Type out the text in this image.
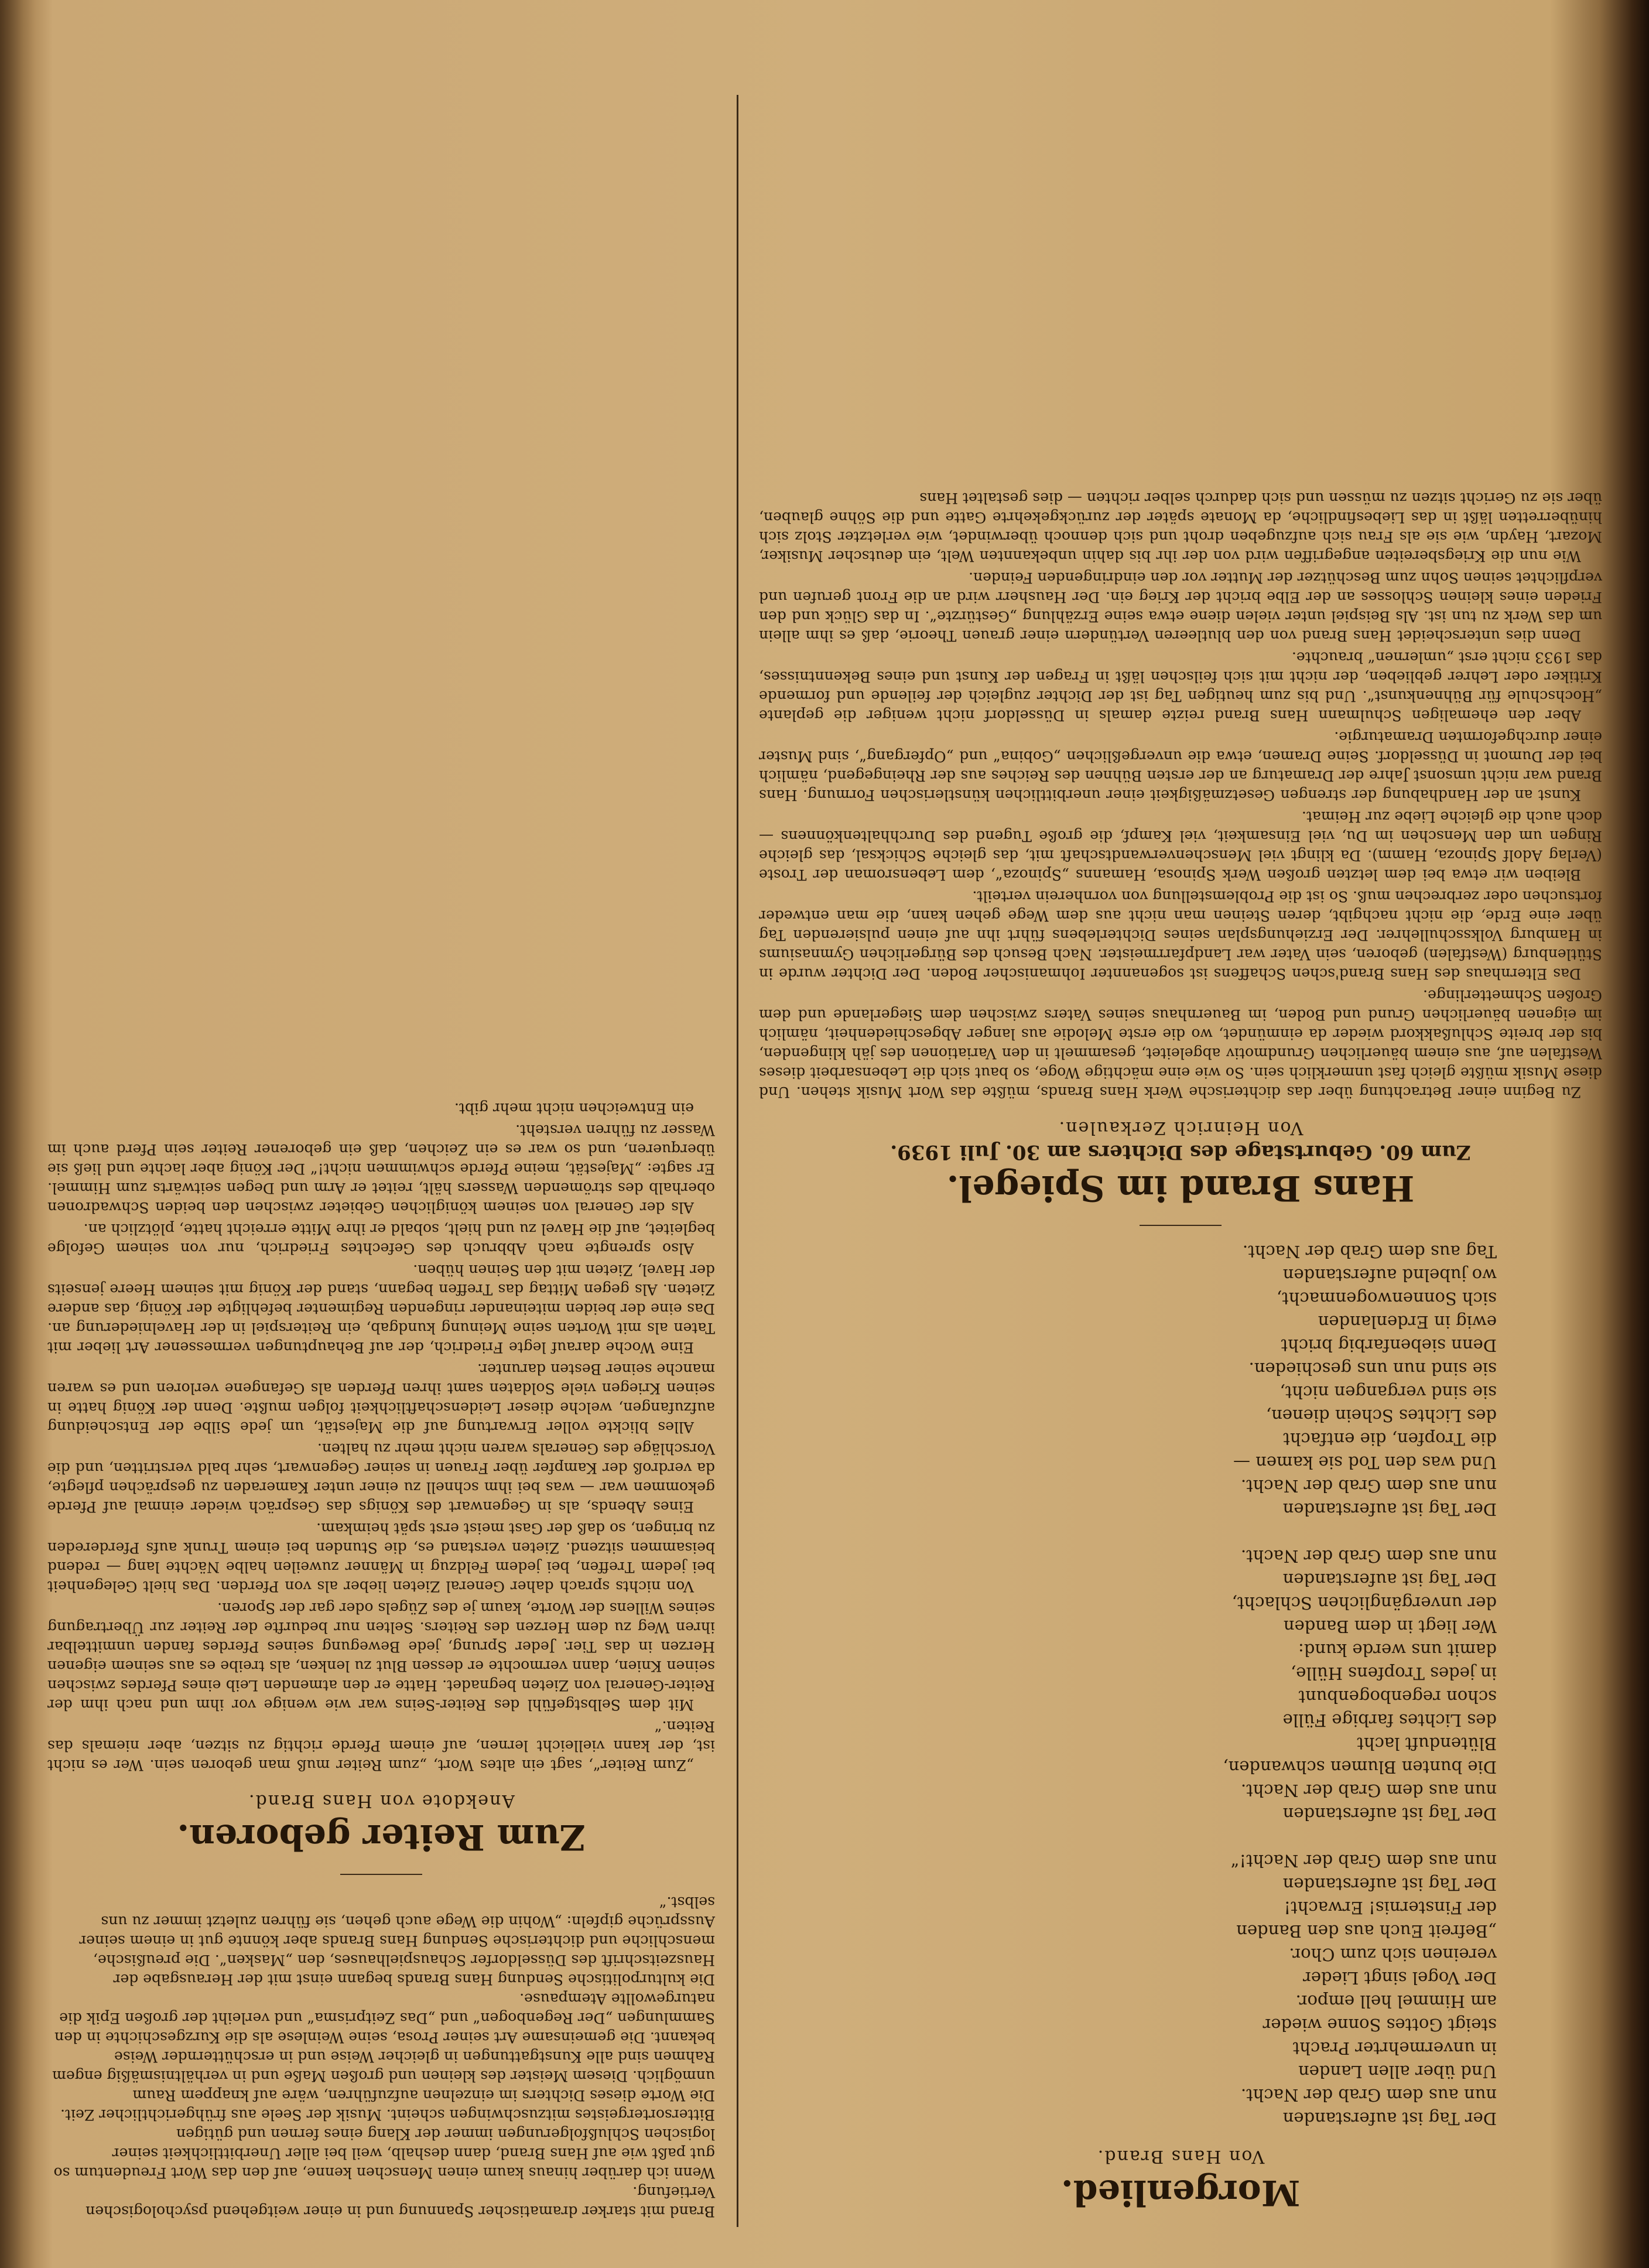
Morgenlied.
Von Hans Brand.
Der Tag ist auferstanden
nun aus dem Grab der Nacht.
Und über allen Landen
in unvermehrter Pracht
steigt Gottes Sonne wieder
am Himmel hell empor.
Der Vogel singt Lieder
vereinen sich zum Chor.
„Befreit Euch aus den Banden
der Finsternis! Erwacht!
Der Tag ist auferstanden
nun aus dem Grab der Nacht!“
Der Tag ist auferstanden
nun aus dem Grab der Nacht.
Die bunten Blumen schwanden,
Blütenduft lacht
des Lichtes farbige Fülle
schon regenbogenbunt
in jedes Tropfens Hülle,
damit uns werde kund:
Wer liegt in dem Banden
der unvergänglichen Schlacht,
Der Tag ist auferstanden
nun aus dem Grab der Nacht.
Der Tag ist auferstanden
nun aus dem Grab der Nacht.
Und was den Tod sie kamen —
die Tropfen, die entfacht
des Lichtes Schein dienen,
sie sind vergangen nicht,
sie sind nun uns geschieden.
Denn siebenfarbig bricht
ewig in Erdenlanden
sich Sonnenwogenmacht,
wo jubelnd auferstanden
Tag aus dem Grab der Nacht.
Hans Brand im Spiegel.
Zum 60. Geburtstage des Dichters am 30. Juli 1939.
Von Heinrich Zerkaulen.

Zu Beginn einer Betrachtung über das dichterische Werk Hans Brands, müßte das Wort Musik stehen. Und diese Musik müßte gleich fast unmerklich sein. So wie eine mächtige Woge, so baut sich die Lebensarbeit dieses Westfalen auf, aus einem bäuerlichen Grundmotiv abgeleitet, gesammelt in den Variationen des jäh klingenden, bis der breite Schlußakkord wieder da einmündet, wo die erste Melodie aus langer Abgeschiedenheit, nämlich im eigenen bäuerlichen Grund und Boden, im Bauernhaus seines Vaters zwischen dem Siegerlande und dem Großen Schmetterlinge.

Das Elternhaus des Hans Brand'schen Schaffens ist sogenannter Iohmanischer Boden. Der Dichter wurde in Stütlenburg (Westfalen) geboren, sein Vater war Landpfarrmeister. Nach Besuch des Bürgerlichen Gymnasiums in Hamburg Volksschullehrer. Der Erziehungsplan seines Dichterlebens führt ihn auf einen pulsierenden Tag über eine Erde, die nicht nachgibt, deren Steinen man nicht aus dem Wege gehen kann, die man entweder fortsuchen oder zerbrechen muß. So ist die Problemstellung von vornherein verteilt.

Bleiben wir etwa bei dem letzten großen Werk Spinosa, Hamanns „Spinoza“, dem Lebensroman der Troste (Verlag Adolf Spinoza, Hamm). Da klingt viel Menschenverwandtschaft mit, das gleiche Schicksal, das gleiche Ringen um den Menschen im Du, viel Einsamkeit, viel Kampf, die große Tugend des Durchhaltenkönnens — doch auch die gleiche Liebe zur Heimat.

Kunst an der Handhabung der strengen Gesetzmäßigkeit einer unerbittlichen künstlerischen Formung. Hans Brand war nicht umsonst Jahre der Dramaturg an der ersten Bühnen des Reiches aus der Rheingegend, nämlich bei der Dumont in Düsseldorf. Seine Dramen, etwa die unvergeßlichen „Gobina“ und „Opfergang“, sind Muster einer durchgeformten Dramaturgie.

Aber den ehemaligen Schulmann Hans Brand reizte damals in Düsseldorf nicht weniger die geplante „Hochschule für Bühnenkunst“. Und bis zum heutigen Tag ist der Dichter zugleich der feilende und formende Kritiker oder Lehrer geblieben, der nicht mit sich feilschen läßt in Fragen der Kunst und eines Bekenntnisses, das 1933 nicht erst „umlernen“ brauchte.

Denn dies unterscheidet Hans Brand von den blutleeren Vertündern einer grauen Theorie, daß es ihm allein um das Werk zu tun ist. Als Beispiel unter vielen diene etwa seine Erzählung „Gestürzte“. In das Glück und den Frieden eines kleinen Schlosses an der Elbe bricht der Krieg ein. Der Hausherr wird an die Front gerufen und verpflichtet seinen Sohn zum Beschützer der Mutter vor den eindringenden Feinden.

Wie nun die Kriegsbereiten angegriffen wird von der ihr bis dahin unbekannten Welt, ein deutscher Musiker, Mozart, Haydn, wie sie als Frau sich aufzugeben droht und sich dennoch überwindet, wie verletzter Stolz sich hinüberretten läßt in das Liebesfindliche, da Monate später der zurückgekehrte Gatte und die Söhne glauben, über sie zu Gericht sitzen zu müssen und sich dadurch selber richten — dies gestaltet Hans

Brand mit starker dramatischer Spannung und in einer weitgehend psychologischen Vertiefung.
Wenn ich darüber hinaus kaum einen Menschen kenne, auf den das Wort Freudentum so gut paßt wie auf Hans Brand, dann deshalb, weil bei aller Unerbittlichkeit seiner logischen Schlußfolgerungen immer der Klang eines fernen und gütigen Bittersortergeistes mitzuschwingen scheint. Musik der Seele aus frühgerichtlicher Zeit.
Die Worte dieses Dichters im einzelnen aufzuführen, wäre auf knappem Raum unmöglich. Diesem Meister des kleinen und großen Maße und in verhältnismäßig engem Rahmen sind alle Kunstgattungen in gleicher Weise und in erschütternder Weise bekannt. Die gemeinsame Art seiner Prosa, seine Weinlese als die Kurzgeschichte in den Sammlungen „Der Regenbogen“ und „Das Zeitprisma“ und verleiht der großen Epik die naturgewollte Atempause.
Die kulturpolitische Sendung Hans Brands begann einst mit der Herausgabe der Hauszeitschrift des Düsseldorfer Schauspielhauses, den „Masken“. Die preußische, menschliche und dichterische Sendung Hans Brands aber könnte gut in einem seiner Aussprüche gipfeln: „Wohin die Wege auch gehen, sie führen zuletzt immer zu uns selbst.“
Zum Reiter geboren.
Anekdote von Hans Brand.

„Zum Reiter“, sagt ein altes Wort, „zum Reiter muß man geboren sein. Wer es nicht ist, der kann vielleicht lernen, auf einem Pferde richtig zu sitzen, aber niemals das Reiten.“

Mit dem Selbstgefühl des Reiter-Seins war wie wenige vor ihm und nach ihm der Reiter-General von Zieten begnadet. Hatte er den atmenden Leib eines Pferdes zwischen seinen Knien, dann vermochte er dessen Blut zu lenken, als treibe es aus seinem eigenen Herzen in das Tier. Jeder Sprung, jede Bewegung seines Pferdes fanden unmittelbar ihren Weg zu dem Herzen des Reiters. Selten nur bedurfte der Reiter zur Übertragung seines Willens der Worte, kaum je des Zügels oder gar der Sporen.

Von nichts sprach daher General Zieten lieber als von Pferden. Das hielt Gelegenheit bei jedem Treffen, bei jedem Feldzug in Männer zuweilen halbe Nächte lang — redend beisammen sitzend. Zieten verstand es, die Stunden bei einem Trunk aufs Pferdereden zu bringen, so daß der Gast meist erst spät heimkam.

Eines Abends, als in Gegenwart des Königs das Gespräch wieder einmal auf Pferde gekommen war — was bei ihm schnell zu einer unter Kameraden zu gesprächen pflegte, da verdroß der Kampfer über Frauen in seiner Gegenwart, sehr bald verstritten, und die Vorschläge des Generals waren nicht mehr zu halten.

Alles blickte voller Erwartung auf die Majestät, um jede Silbe der Entscheidung aufzufangen, welche dieser Leidenschaftlichkeit folgen mußte. Denn der König hatte in seinen Kriegen viele Soldaten samt ihren Pferden als Gefangene verloren und es waren manche seiner Besten darunter.

Eine Woche darauf legte Friedrich, der auf Behauptungen vermessener Art lieber mit Taten als mit Worten seine Meinung kundgab, ein Reiterspiel in der Havelniederung an. Das eine der beiden miteinander ringenden Regimenter befehligte der König, das andere Zieten. Als gegen Mittag das Treffen begann, stand der König mit seinem Heere jenseits der Havel, Zieten mit den Seinen hüben.

Also sprengte nach Abbruch des Gefechtes Friedrich, nur von seinem Gefolge begleitet, auf die Havel zu und hielt, sobald er ihre Mitte erreicht hatte, plötzlich an.

Als der General von seinem königlichen Gebieter zwischen den beiden Schwadronen oberhalb des strömenden Wassers hält, reitet er Arm und Degen seitwärts zum Himmel. Er sagte: „Majestät, meine Pferde schwimmen nicht!“ Der König aber lachte und ließ sie überqueren, und so war es ein Zeichen, daß ein geborener Reiter sein Pferd auch im Wasser zu führen versteht.

ein Entweichen nicht mehr gibt.
